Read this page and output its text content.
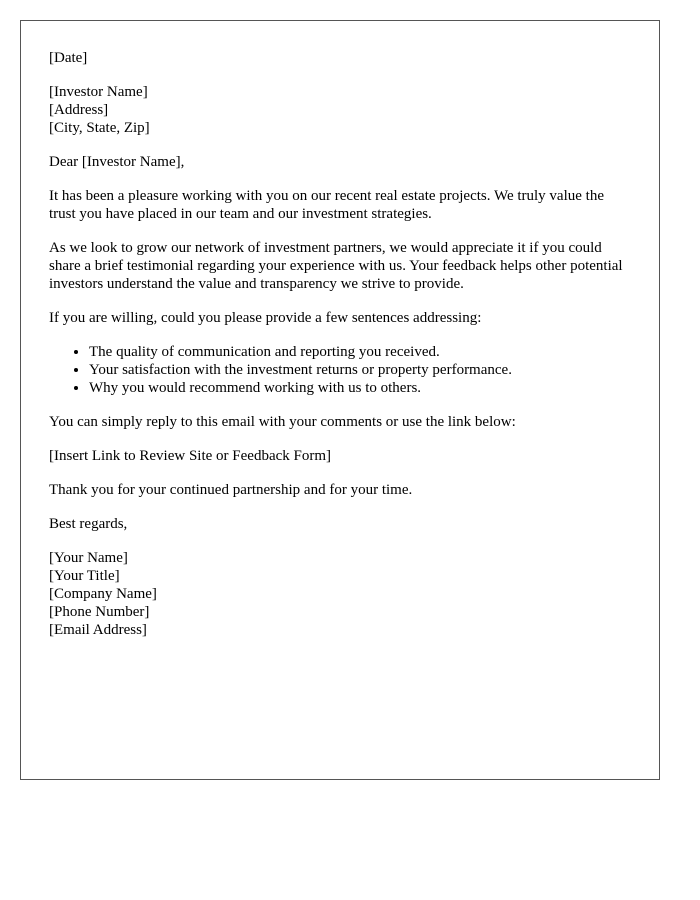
[Date]

[Investor Name]
[Address]
[City, State, Zip]

Dear [Investor Name],

It has been a pleasure working with you on our recent real estate projects. We truly value the trust you have placed in our team and our investment strategies.

As we look to grow our network of investment partners, we would appreciate it if you could share a brief testimonial regarding your experience with us. Your feedback helps other potential investors understand the value and transparency we strive to provide.

If you are willing, could you please provide a few sentences addressing:

• The quality of communication and reporting you received.
• Your satisfaction with the investment returns or property performance.
• Why you would recommend working with us to others.

You can simply reply to this email with your comments or use the link below:

[Insert Link to Review Site or Feedback Form]

Thank you for your continued partnership and for your time.

Best regards,

[Your Name]
[Your Title]
[Company Name]
[Phone Number]
[Email Address]
